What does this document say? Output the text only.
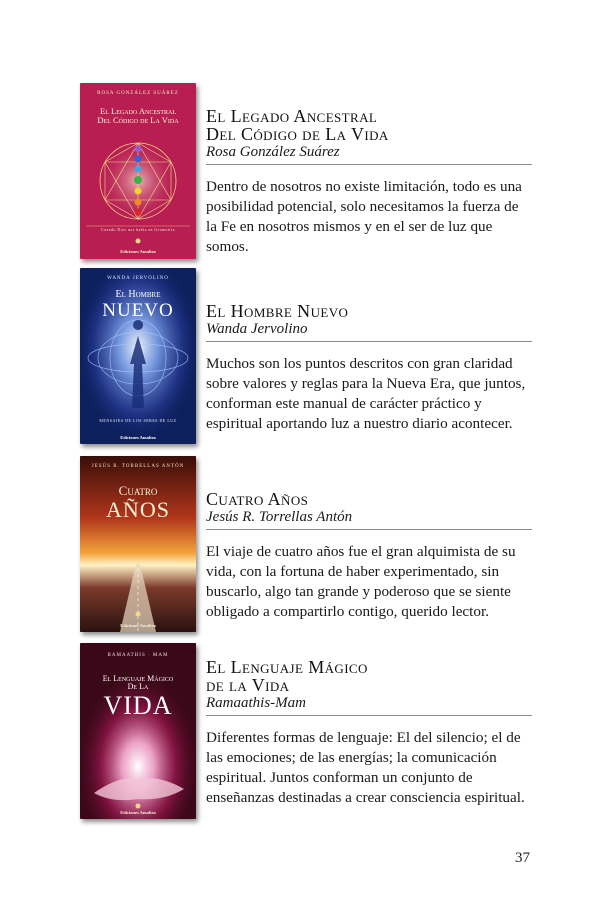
ROSA GONZÁLEZ SUÁREZ
El Legado Ancestral
Del Código de La Vida
Cuando Dios nos habla en Geometría
Ediciones Amaltea

El Legado Ancestral
Del Código de La Vida

Rosa González Suárez

Dentro de nosotros no existe limitación, todo es una posibilidad potencial, solo necesitamos la fuerza de la Fe en nosotros mismos y en el ser de luz que somos.

WANDA JERVOLINO
El Hombre
NUEVO
MENSAJES DE LOS SERES DE LUZ
Ediciones Amaltea

El Hombre Nuevo

Wanda Jervolino

Muchos son los puntos descritos con gran claridad sobre valores y reglas para la Nueva Era, que juntos, conforman este manual de carácter práctico y espiritual aportando luz a nuestro diario acontecer.

JESÚS R. TORRELLAS ANTÓN
Cuatro
AÑOS
El Viaje del Vagabundo
Ediciones Amaltea

Cuatro Años

Jesús R. Torrellas Antón

El viaje de cuatro años fue el gran alquimista de su vida, con la fortuna de haber experimentado, sin buscarlo, algo tan grande y poderoso que se siente obligado a compartirlo contigo, querido lector.

RAMAATHIS · MAM
El Lenguaje Mágico
De La
VIDA
Ediciones Amaltea

El Lenguaje Mágico
de la Vida

Ramaathis-Mam

Diferentes formas de lenguaje: El del silencio; el de las emociones; de las energías; la comunicación espiritual. Juntos conforman un conjunto de enseñanzas destinadas a crear consciencia espiritual.

37
